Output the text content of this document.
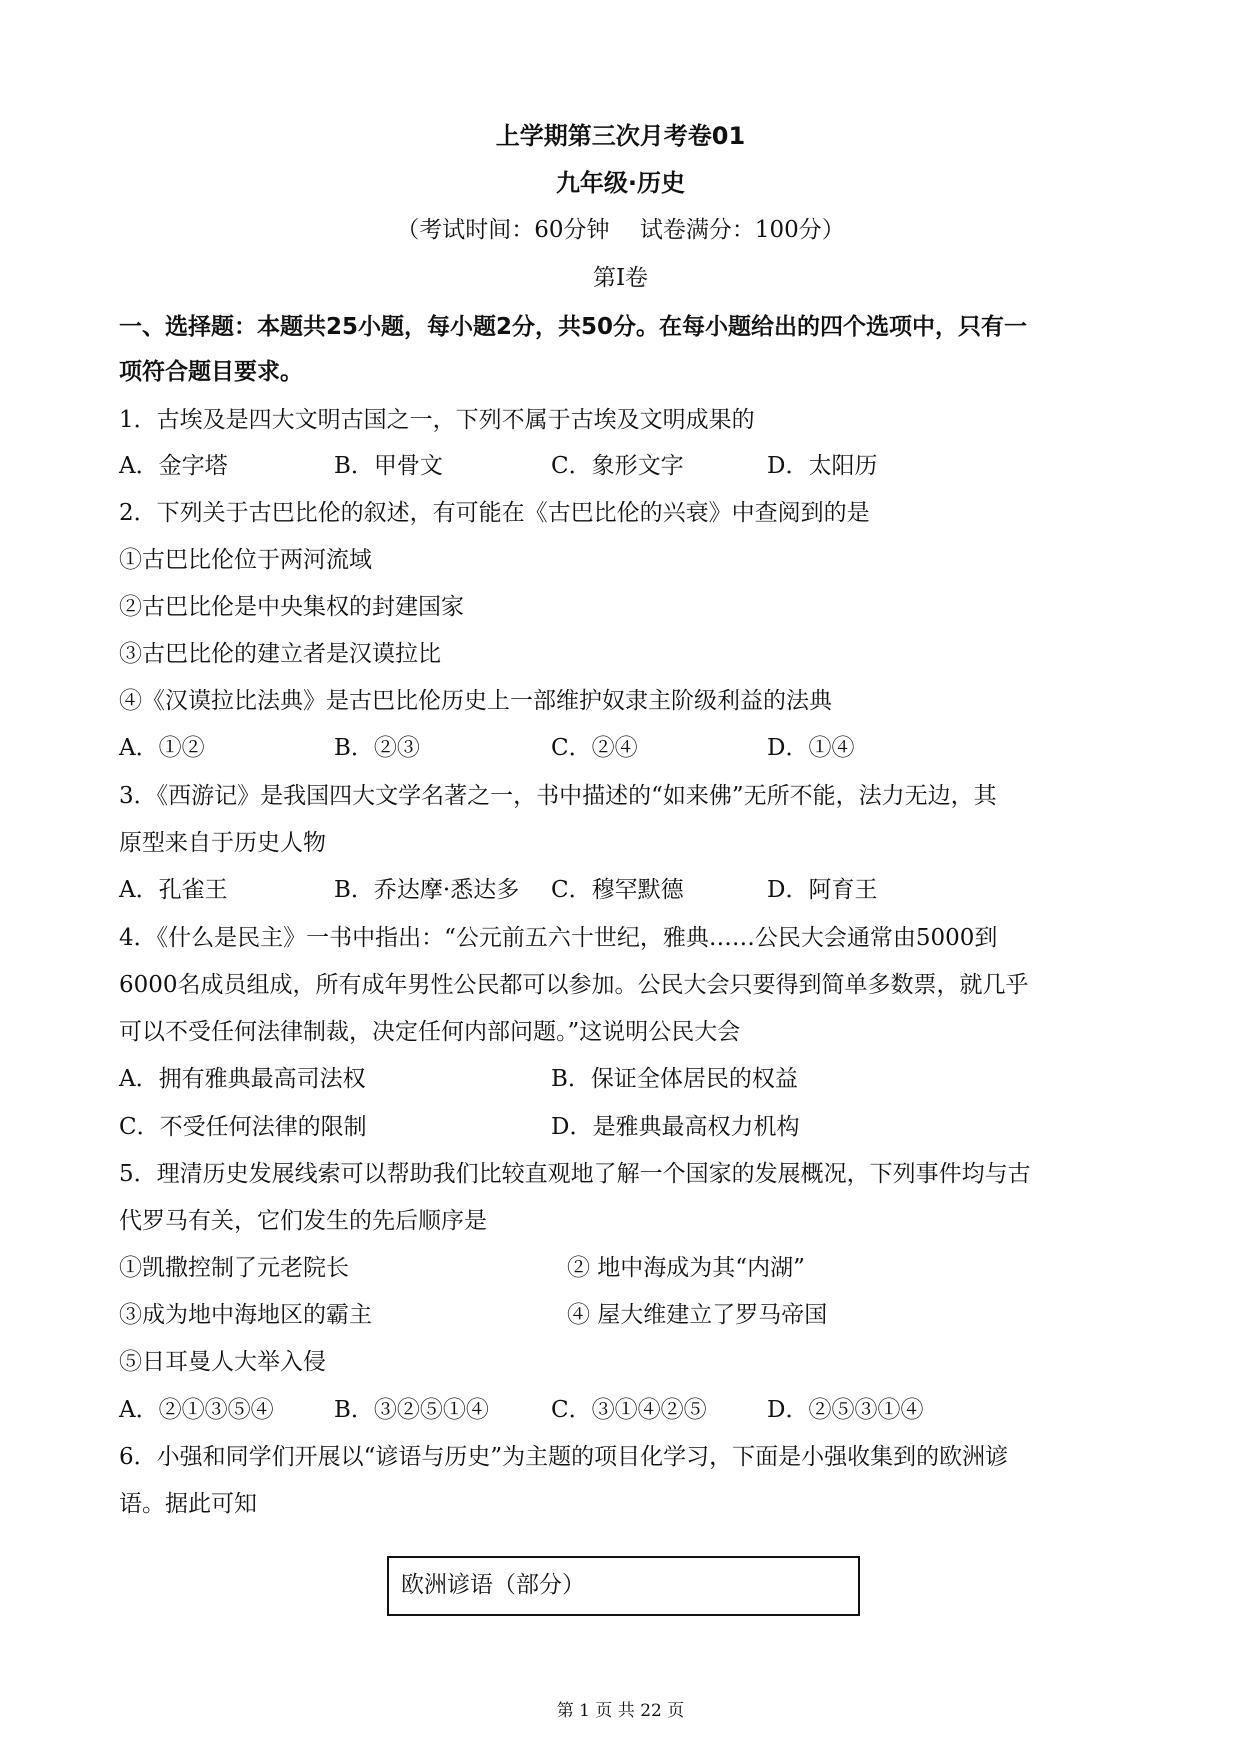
上学期第三次月考卷01
九年级·历史
（考试时间：60分钟　 试卷满分：100分）
第Ⅰ卷
一、选择题：本题共25小题，每小题2分，共50分。在每小题给出的四个选项中，只有一
项符合题目要求。
1．古埃及是四大文明古国之一，下列不属于古埃及文明成果的
A．金字塔	B．甲骨文	C．象形文字	D．太阳历
2．下列关于古巴比伦的叙述，有可能在《古巴比伦的兴衰》中查阅到的是
①古巴比伦位于两河流域
②古巴比伦是中央集权的封建国家
③古巴比伦的建立者是汉谟拉比
④《汉谟拉比法典》是古巴比伦历史上一部维护奴隶主阶级利益的法典
A．①②	B．②③	C．②④	D．①④
3．《西游记》是我国四大文学名著之一，书中描述的“如来佛”无所不能，法力无边，其
原型来自于历史人物
A．孔雀王	B．乔达摩·悉达多 C．穆罕默德	D．阿育王
4．《什么是民主》一书中指出：“公元前五六十世纪，雅典……公民大会通常由5000到
6000名成员组成，所有成年男性公民都可以参加。公民大会只要得到简单多数票，就几乎
可以不受任何法律制裁，决定任何内部问题。”这说明公民大会
A．拥有雅典最高司法权	B．保证全体居民的权益
C．不受任何法律的限制	D．是雅典最高权力机构
5．理清历史发展线索可以帮助我们比较直观地了解一个国家的发展概况，下列事件均与古
代罗马有关，它们发生的先后顺序是
①凯撒控制了元老院长	② 地中海成为其“内湖”
③成为地中海地区的霸主	④ 屋大维建立了罗马帝国
⑤日耳曼人大举入侵
A．②①③⑤④	B．③②⑤①④	C．③①④②⑤	D．②⑤③①④
6．小强和同学们开展以“谚语与历史”为主题的项目化学习，下面是小强收集到的欧洲谚
语。据此可知
欧洲谚语（部分）
第 1 页 共 22 页
